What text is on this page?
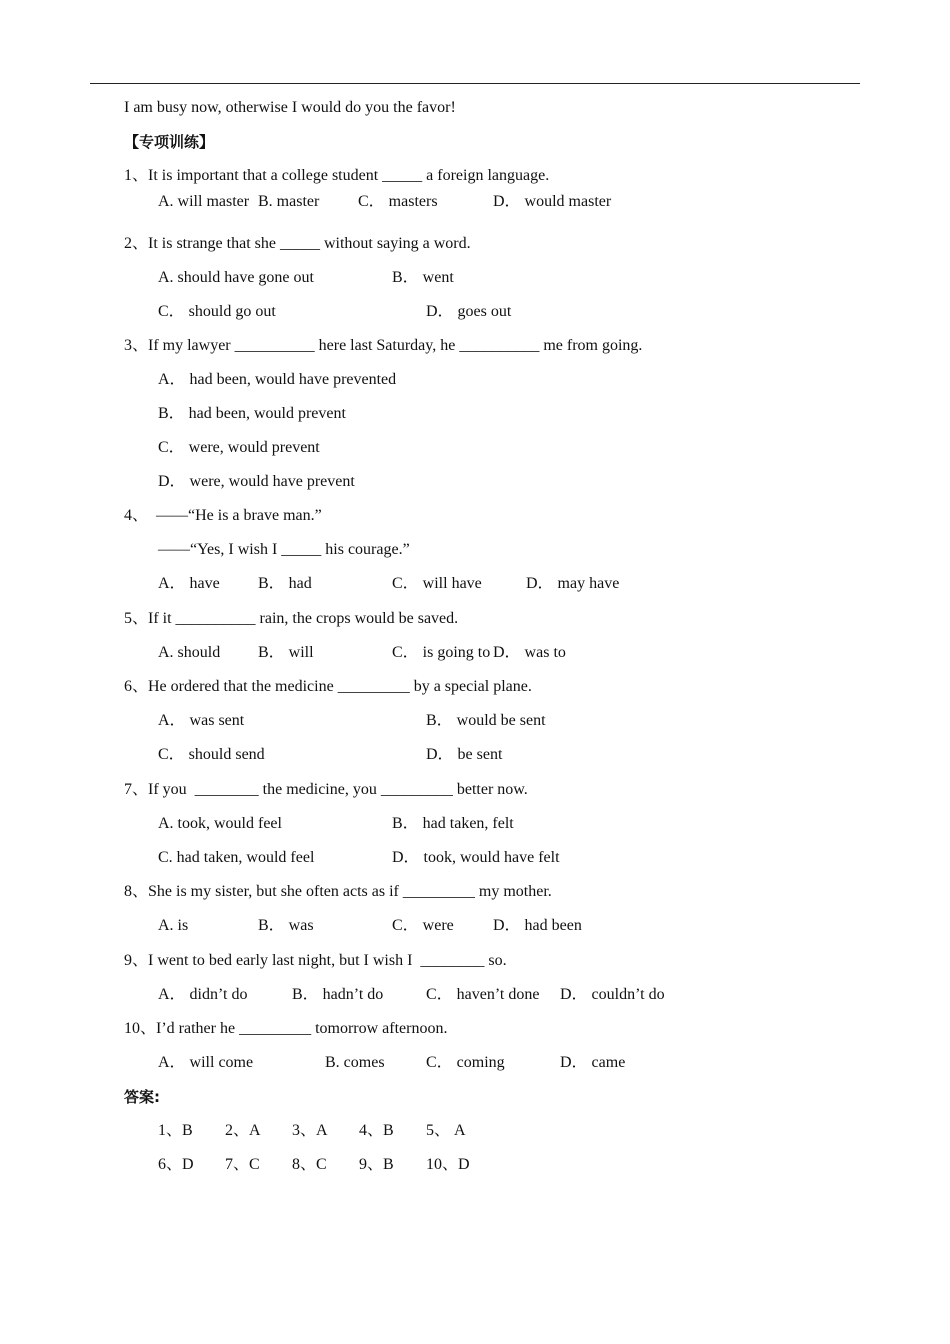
I am busy now, otherwise I would do you the favor!
【专项训练】
1、It is important that a college student _____ a foreign language.
A. will master B. master C． masters	D． would master
2、It is strange that she _____ without saying a word.
A. should have gone out	B． went
C． should go out	D． goes out
3、If my lawyer __________ here last Saturday, he __________ me from going.
A． had been, would have prevented
B． had been, would prevent
C． were, would prevent
D． were, would have prevent
4、  ——“He is a brave man.”
——“Yes, I wish I _____ his courage.”
A． have B． had	C． will have	D． may have
5、If it __________ rain, the crops would be saved.
A. should B． will	C． is going to D． was to
6、He ordered that the medicine _________ by a special plane.
A． was sent	B． would be sent
C． should send	D． be sent
7、If you  ________ the medicine, you _________ better now.
A. took, would feel	B． had taken, felt
C. had taken, would feel	D． took, would have felt
8、She is my sister, but she often acts as if _________ my mother.
A. is	B． was	C． were D． had been
9、I went to bed early last night, but I wish I  ________ so.
A． didn’t do	B． hadn’t do	C． haven’t done D． couldn’t do
10、I’d rather he _________ tomorrow afternoon.
A． will come	B. comes	C． coming	D． came
答案:
1、B 2、A 3、A 4、B 5、 A
6、D 7、C 8、C 9、B 10、D
